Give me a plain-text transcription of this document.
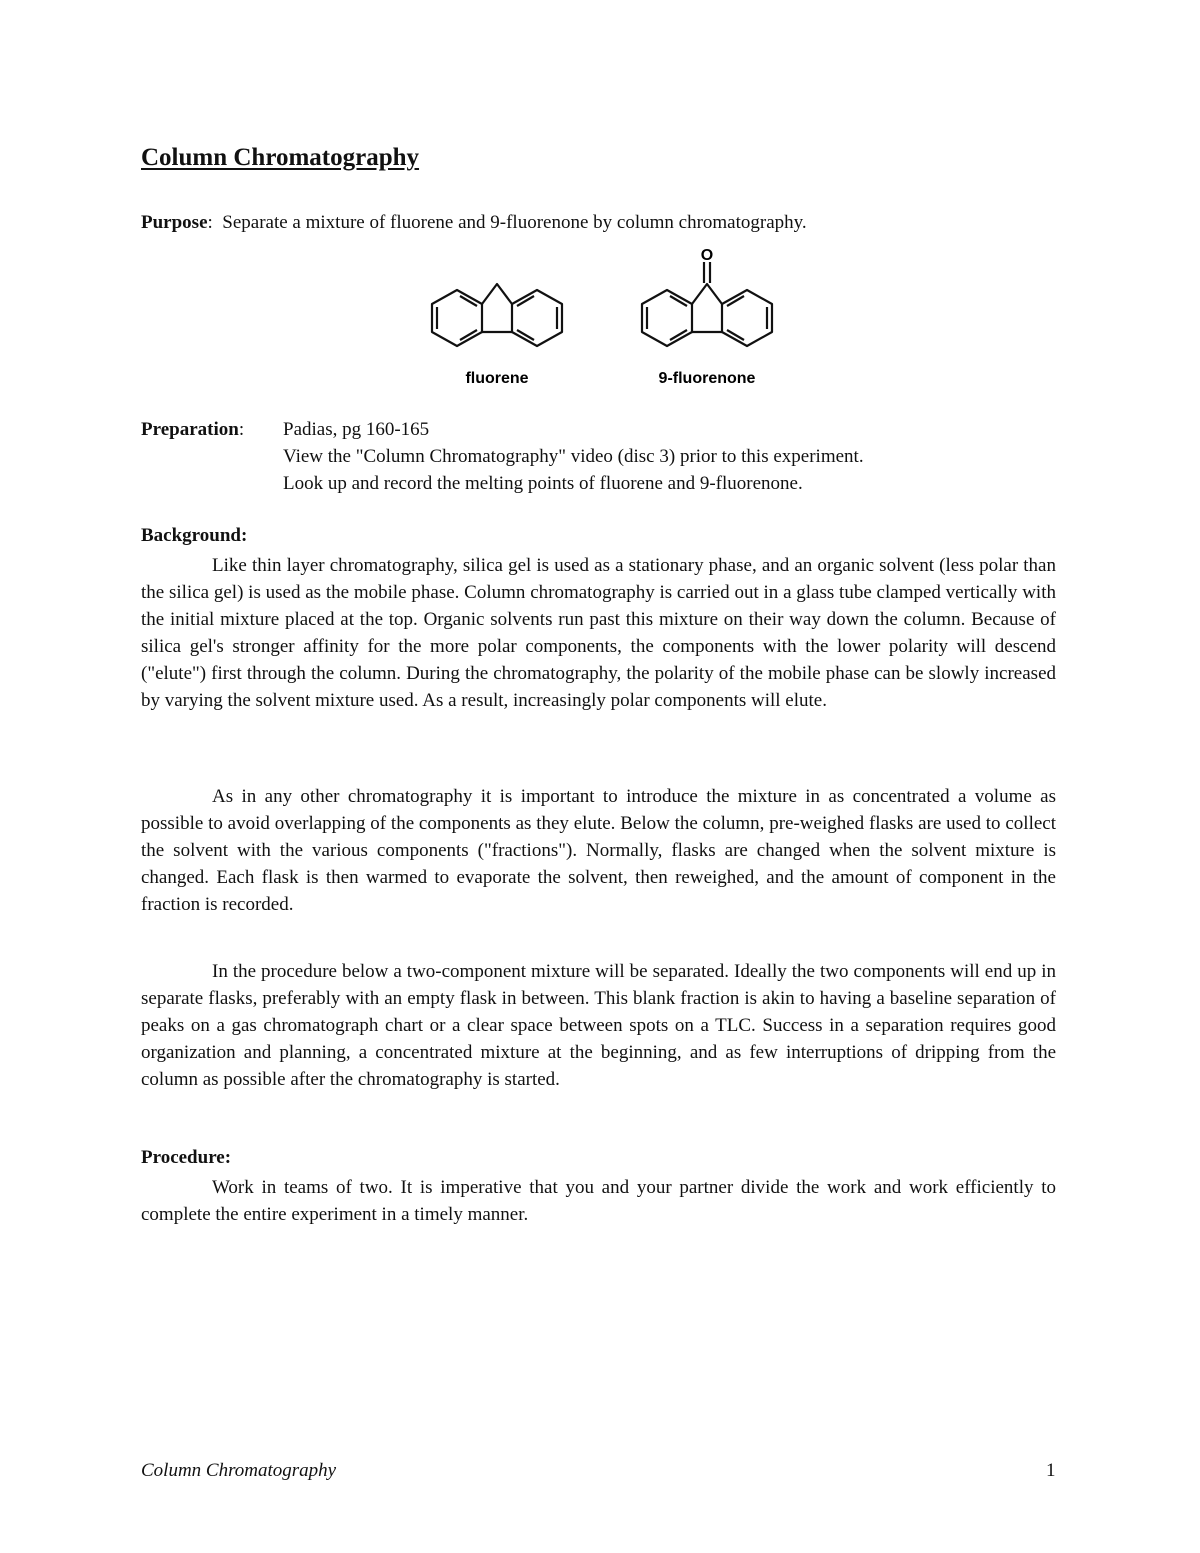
Column Chromatography
Purpose: Separate a mixture of fluorene and 9-fluorenone by column chromatography.
O
fluorene	9-fluorenone
Preparation: Padias, pg 160-165
View the "Column Chromatography" video (disc 3) prior to this experiment.
Look up and record the melting points of fluorene and 9-fluorenone.
Background:

Like thin layer chromatography, silica gel is used as a stationary phase, and an organic solvent (less polar than the silica gel) is used as the mobile phase. Column chromatography is carried out in a glass tube clamped vertically with the initial mixture placed at the top. Organic solvents run past this mixture on their way down the column. Because of silica gel's stronger affinity for the more polar components, the components with the lower polarity will descend ("elute") first through the column. During the chromatography, the polarity of the mobile phase can be slowly increased by varying the solvent mixture used. As a result, increasingly polar components will elute.

As in any other chromatography it is important to introduce the mixture in as concentrated a volume as possible to avoid overlapping of the components as they elute. Below the column, pre-weighed flasks are used to collect the solvent with the various components ("fractions"). Normally, flasks are changed when the solvent mixture is changed. Each flask is then warmed to evaporate the solvent, then reweighed, and the amount of component in the fraction is recorded.

In the procedure below a two-component mixture will be separated. Ideally the two components will end up in separate flasks, preferably with an empty flask in between. This blank fraction is akin to having a baseline separation of peaks on a gas chromatograph chart or a clear space between spots on a TLC. Success in a separation requires good organization and planning, a concentrated mixture at the beginning, and as few interruptions of dripping from the column as possible after the chromatography is started.

Procedure:

Work in teams of two. It is imperative that you and your partner divide the work and work efficiently to complete the entire experiment in a timely manner.

Column Chromatography	1
